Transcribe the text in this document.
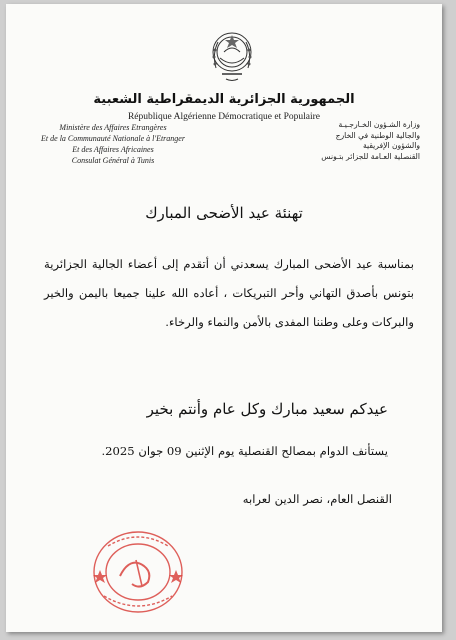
الجمهورية الجزائرية الديمقراطية الشعبية
République Algérienne Démocratique et Populaire
Ministère des Affaires Etrangères
Et de la Communauté Nationale à l'Etranger
Et des Affaires Africaines
Consulat Général à Tunis
وزارة الشـؤون الخـارجـيـة
والجالية الوطنية في الخارج
والشؤون الإفريقية
القنصلية العـامة للجزائر بتـونس
تهنئة عيد الأضحى المبارك
بمناسبة عيد الأضحى المبارك يسعدني أن أتقدم إلى أعضاء الجالية الجزائرية بتونس بأصدق التهاني وأحر التبريكات ، أعاده الله علينا جميعا باليمن والخير والبركات وعلى وطننا المفدى بالأمن والنماء والرخاء.
عيدكم سعيد مبارك وكل عام وأنتم بخير
يستأنف الدوام بمصالح القنصلية يوم الإثنين 09 جوان 2025.
القنصل العام، نصر الدين لعرابه
